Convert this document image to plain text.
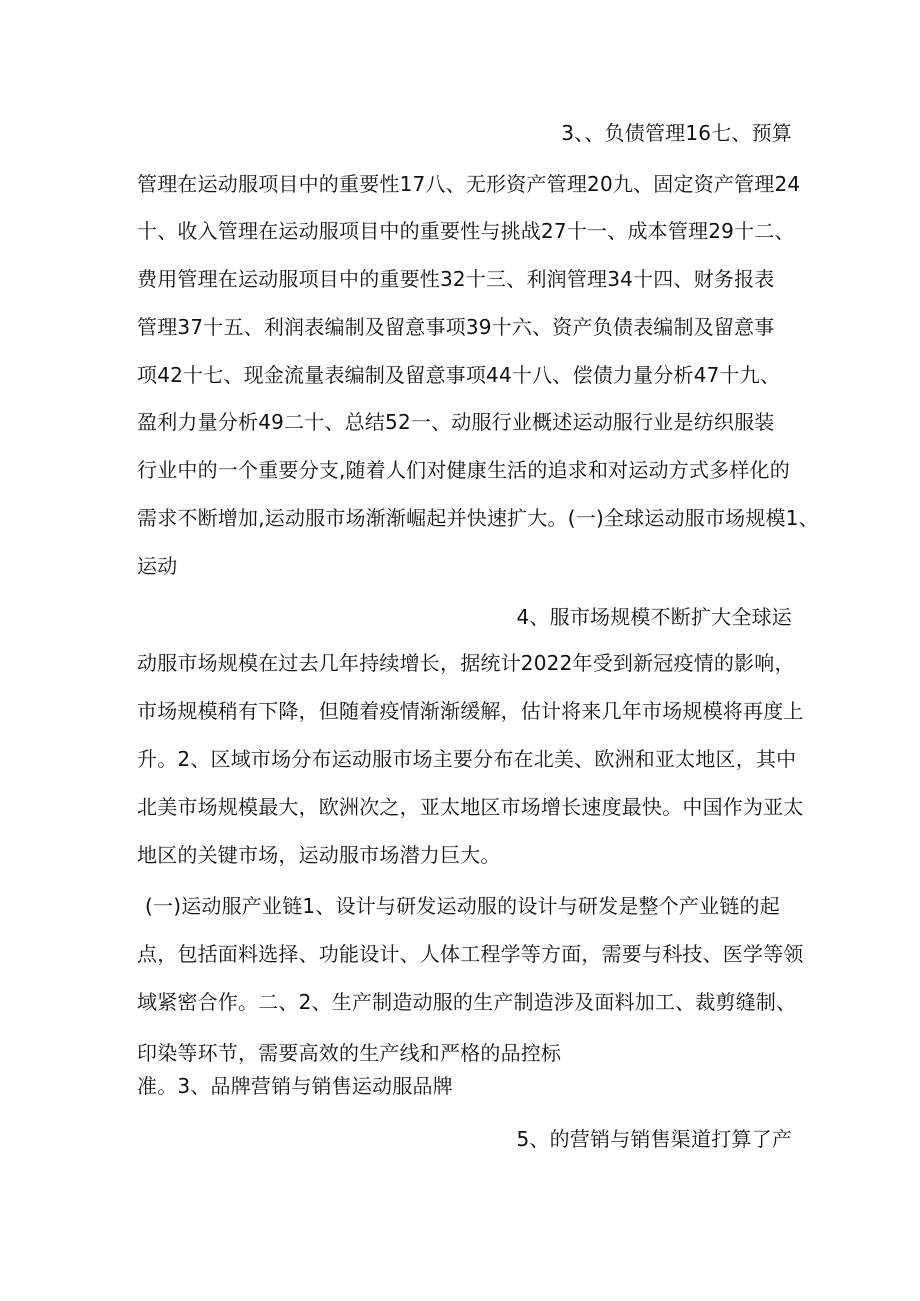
3、、负债管理16七、预算
管理在运动服项目中的重要性17八、无形资产管理20九、固定资产管理24
十、收入管理在运动服项目中的重要性与挑战27十一、成本管理29十二、
费用管理在运动服项目中的重要性32十三、利润管理34十四、财务报表
管理37十五、利润表编制及留意事项39十六、资产负债表编制及留意事
项42十七、现金流量表编制及留意事项44十八、偿债力量分析47十九、
盈利力量分析49二十、总结52一、动服行业概述运动服行业是纺织服装
行业中的一个重要分支,随着人们对健康生活的追求和对运动方式多样化的
需求不断增加,运动服市场渐渐崛起并快速扩大。(一)全球运动服市场规模1、
运动
4、服市场规模不断扩大全球运
动服市场规模在过去几年持续增长，据统计2022年受到新冠疫情的影响，
市场规模稍有下降，但随着疫情渐渐缓解，估计将来几年市场规模将再度上
升。2、区域市场分布运动服市场主要分布在北美、欧洲和亚太地区，其中
北美市场规模最大，欧洲次之，亚太地区市场增长速度最快。中国作为亚太
地区的关键市场，运动服市场潜力巨大。
(一)运动服产业链1、设计与研发运动服的设计与研发是整个产业链的起
点，包括面料选择、功能设计、人体工程学等方面，需要与科技、医学等领
域紧密合作。二、2、生产制造动服的生产制造涉及面料加工、裁剪缝制、
印染等环节，需要高效的生产线和严格的品控标
准。3、品牌营销与销售运动服品牌
5、的营销与销售渠道打算了产
